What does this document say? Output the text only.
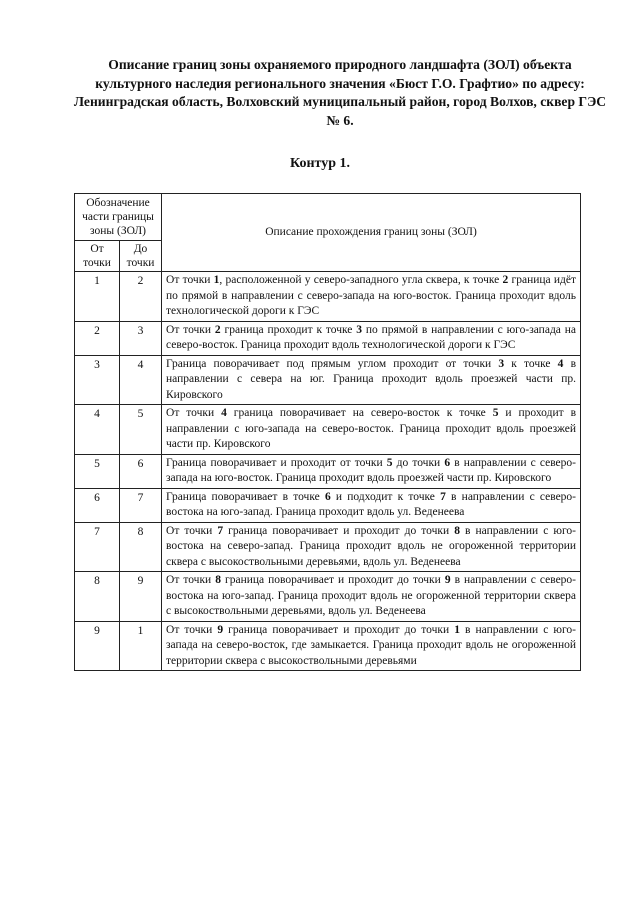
Описание границ зоны охраняемого природного ландшафта (ЗОЛ) объекта культурного наследия регионального значения «Бюст Г.О. Графтио» по адресу: Ленинградская область, Волховский муниципальный район, город Волхов, сквер ГЭС № 6.
Контур 1.
Обозначение части границы зоны (ЗОЛ)		Описание прохождения границ зоны (ЗОЛ)
От точки	До точки	
1	2	От точки 1, расположенной у северо-западного угла сквера, к точке 2 граница идёт по прямой в направлении с северо-запада на юго-восток. Граница проходит вдоль технологической дороги к ГЭС
2	3	От точки 2 граница проходит к точке 3 по прямой в направлении с юго-запада на северо-восток. Граница проходит вдоль технологической дороги к ГЭС
3	4	Граница поворачивает под прямым углом проходит от точки 3 к точке 4 в направлении с севера на юг. Граница проходит вдоль проезжей части пр. Кировского
4	5	От точки 4 граница поворачивает на северо-восток к точке 5 и проходит в направлении с юго-запада на северо-восток. Граница проходит вдоль проезжей части пр. Кировского
5	6	Граница поворачивает и проходит от точки 5 до точки 6 в направлении с северо-запада на юго-восток. Граница проходит вдоль проезжей части пр. Кировского
6	7	Граница поворачивает в точке 6 и подходит к точке 7 в направлении с северо-востока на юго-запад. Граница проходит вдоль ул. Веденеева
7	8	От точки 7 граница поворачивает и проходит до точки 8 в направлении с юго-востока на северо-запад. Граница проходит вдоль не огороженной территории сквера с высокоствольными деревьями, вдоль ул. Веденеева
8	9	От точки 8 граница поворачивает и проходит до точки 9 в направлении с северо-востока на юго-запад. Граница проходит вдоль не огороженной территории сквера с высокоствольными деревьями, вдоль ул. Веденеева
9	1	От точки 9 граница поворачивает и проходит до точки 1 в направлении с юго-запада на северо-восток, где замыкается. Граница проходит вдоль не огороженной территории сквера с высокоствольными деревьями
